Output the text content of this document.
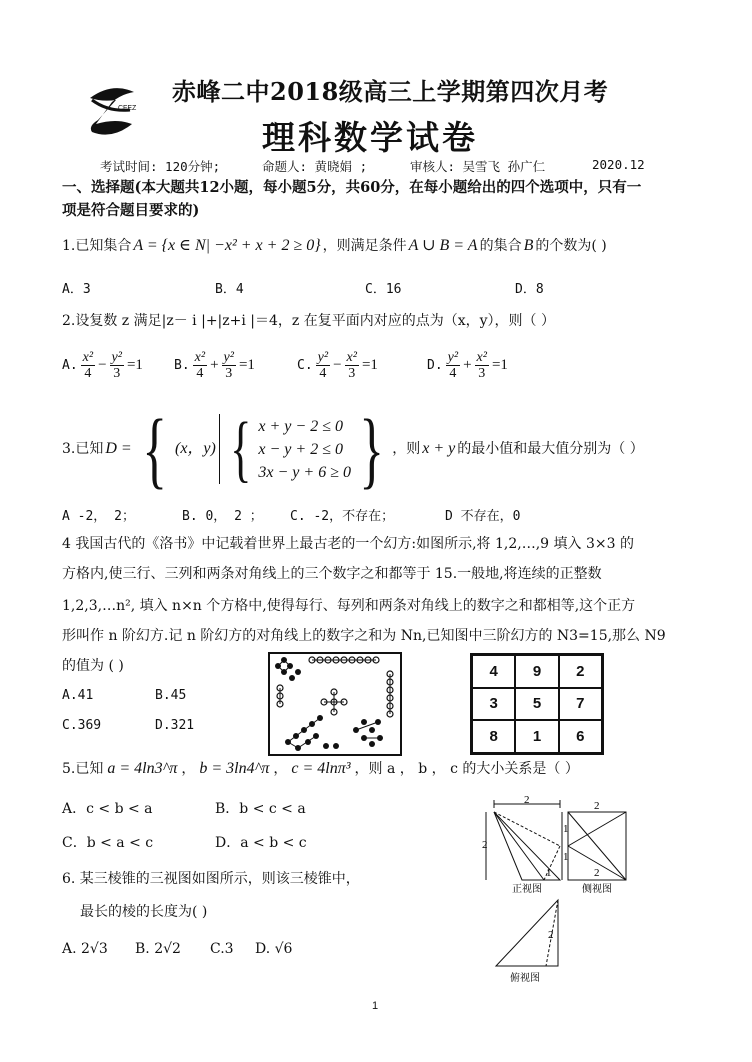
CFEZ
赤峰二中2018级高三上学期第四次月考
理科数学试卷
考试时间: 120分钟;	命题人: 黄晓娟 ;	审核人: 吴雪飞 孙广仁	2020.12
一、选择题(本大题共12小题，每小题5分，共60分，在每小题给出的四个选项中，只有一
项是符合题目要求的)
1.已知集合 A = {x ∈ N| −x² + x + 2 ≥ 0} ，则满足条件 A ∪ B = A 的集合 B 的个数为( )
A．3	B．4	C．16	D．8
2.设复数 z 满足|z－ i |+|z+i |＝4，z 在复平面内对应的点为（x，y），则（ ）
A. $\frac{\text{x²}}{4} - \frac{\text{y²}}{3} =1$ B. $\frac{\text{x²}}{4} + \frac{\text{y²}}{3} =1$	C. $\frac{\text{y²}}{4} - \frac{\text{x²}}{3} =1$	D. $\frac{\text{y²}}{4} + \frac{\text{x²}}{3} =1$
3.已知 D = { (x，y) { x + y − 2 ≤ 0
x − y + 2 ≤ 0
3x − y + 6 ≥ 0 } ，则 x + y 的最小值和最大值分别为（ ）
A -2， 2；	B. 0， 2 ； C. -2，不存在；	D 不存在，0
4 我国古代的《洛书》中记载着世界上最古老的一个幻方:如图所示,将 1,2,…,9 填入 3×3 的
方格内,使三行、三列和两条对角线上的三个数字之和都等于 15.一般地,将连续的正整数
1,2,3,…n², 填入 n×n 个方格中,使得每行、每列和两条对角线上的数字之和都相等,这个正方
形叫作 n 阶幻方.记 n 阶幻方的对角线上的数字之和为 Nn,已知图中三阶幻方的 N3=15,那么 N9
的值为 ( )
A.41	B.45
C.369	D.321
4	9	2
3	5	7
8	1	6
5.已知 a = 4ln3^π ， b = 3ln4^π ， c = 4lnπ³ ，则 a ， b ， c 的大小关系是（ ）
A．c < b < a	B．b < c < a
C．b < a < c	D．a < b < c
6. 某三棱锥的三视图如图所示，则该三棱锥中，
最长的棱的长度为( )
A. 2√3 B. 2√2 C.3 D. √6
2
2
1
正视图
2
1
1
2
侧视图
2
俯视图
1
